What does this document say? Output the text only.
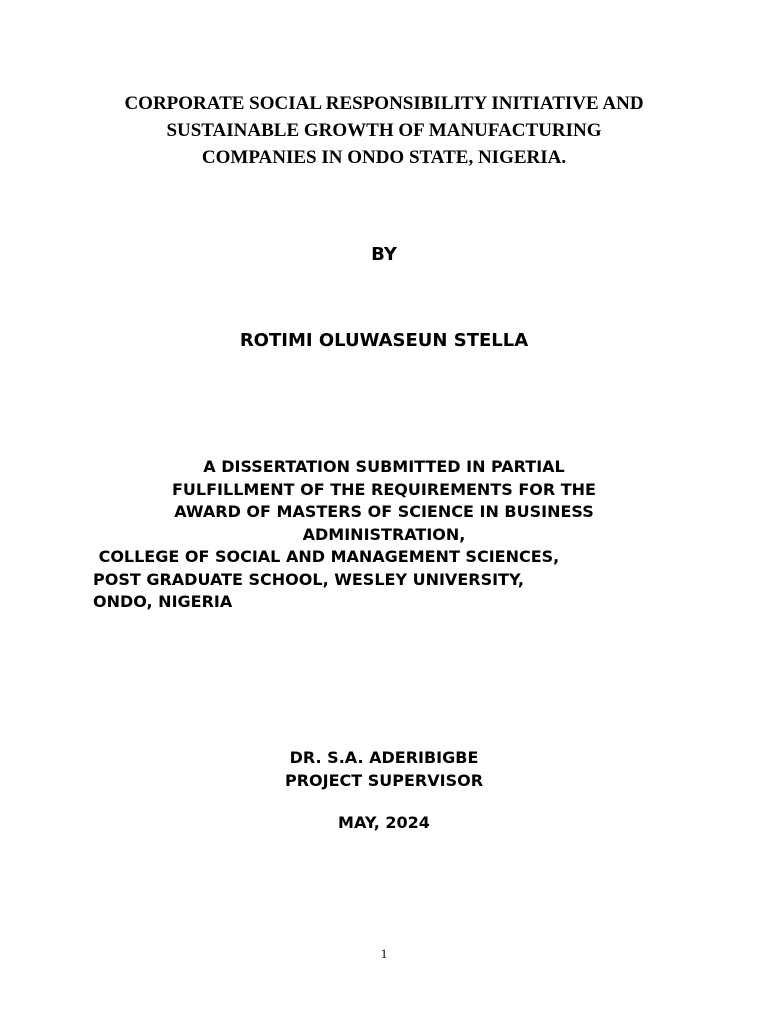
CORPORATE SOCIAL RESPONSIBILITY INITIATIVE AND
SUSTAINABLE GROWTH OF MANUFACTURING
COMPANIES IN ONDO STATE, NIGERIA.
BY
ROTIMI OLUWASEUN STELLA
A DISSERTATION SUBMITTED IN PARTIAL
FULFILLMENT OF THE REQUIREMENTS FOR THE
AWARD OF MASTERS OF SCIENCE IN BUSINESS
ADMINISTRATION,
COLLEGE OF SOCIAL AND MANAGEMENT SCIENCES,
POST GRADUATE SCHOOL, WESLEY UNIVERSITY,
ONDO, NIGERIA
DR. S.A. ADERIBIGBE
PROJECT SUPERVISOR
MAY, 2024
1
